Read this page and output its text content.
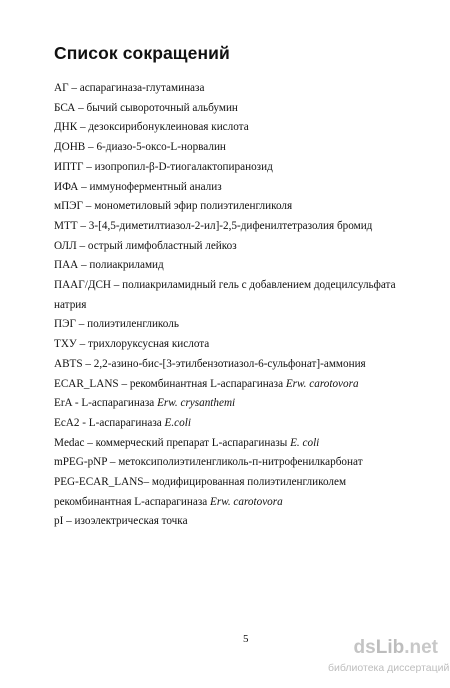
Список сокращений
АГ – аспарагиназа-глутаминаза
БСА – бычий сывороточный альбумин
ДНК – дезоксирибонуклеиновая кислота
ДОНВ – 6-диазо-5-оксо-L-норвалин
ИПТГ – изопропил-β-D-тиогалактопиранозид
ИФА – иммуноферментный анализ
мПЭГ – монометиловый эфир полиэтиленгликоля
МТТ – 3-[4,5-диметилтиазол-2-ил]-2,5-дифенилтетразолия бромид
ОЛЛ – острый лимфобластный лейкоз
ПАА – полиакриламид
ПААГ/ДСН – полиакриламидный гель с добавлением додецилсульфата
натрия
ПЭГ – полиэтиленгликоль
ТХУ – трихлоруксусная кислота
ABTS – 2,2-азино-бис-[3-этилбензотиазол-6-сульфонат]-аммония
ECAR_LANS – рекомбинантная L-аспарагиназа Erw. carotovora
ErA - L-аспарагиназа Erw. crysanthemi
EcA2 - L-аспарагиназа E.coli
Medac – коммерческий препарат L-аспарагиназы E. coli
mPEG-pNP – метоксиполиэтиленгликоль-п-нитрофенилкарбонат
PEG-ECAR_LANS– модифицированная полиэтиленгликолем
рекомбинантная L-аспарагиназа Erw. carotovora
pI – изоэлектрическая точка
5	dsLib.net
библиотека диссертаций
